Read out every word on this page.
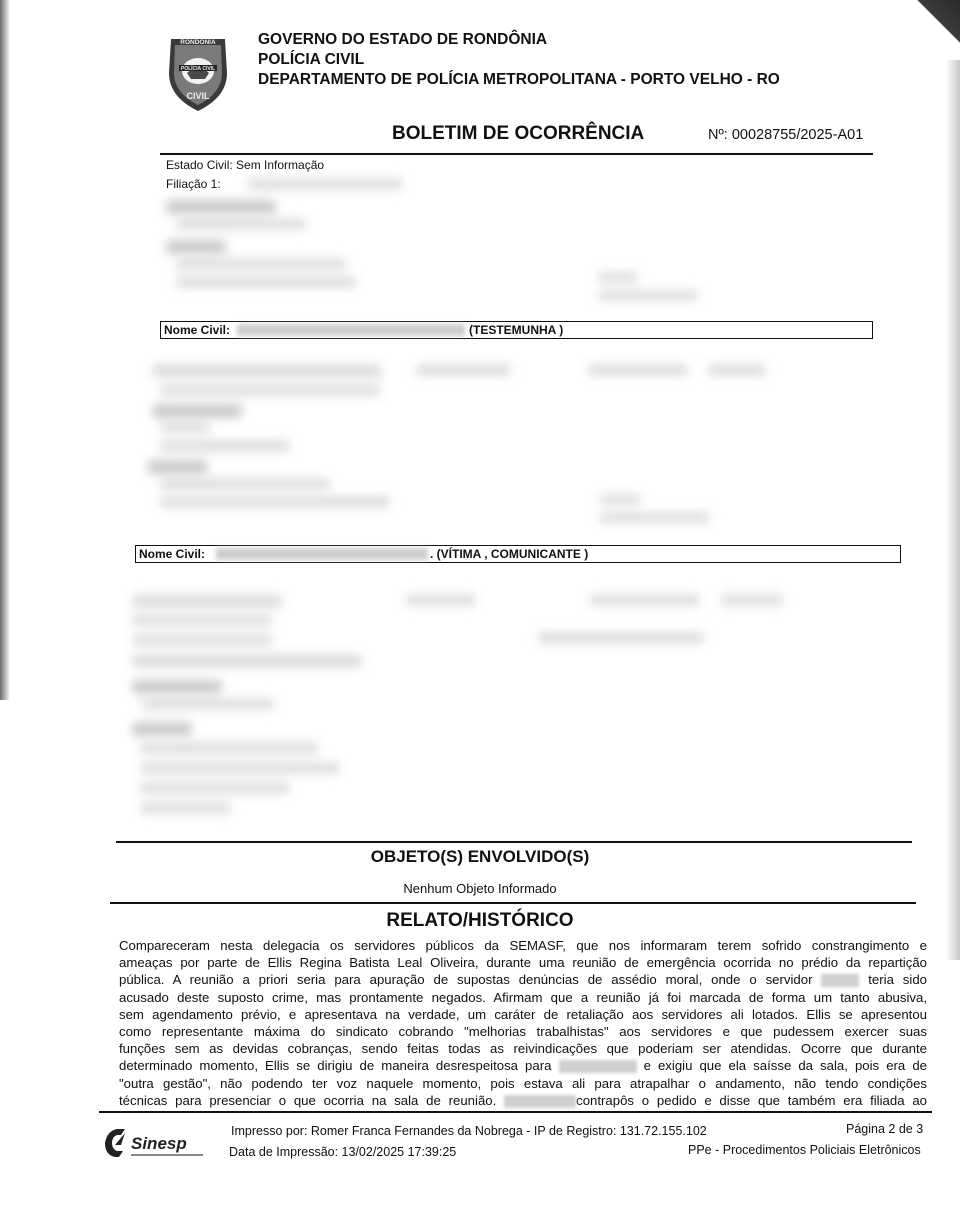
POLÍCIA CIVIL
RONDÔNIA
CIVIL
GOVERNO DO ESTADO DE RONDÔNIA
POLÍCIA CIVIL
DEPARTAMENTO DE POLÍCIA METROPOLITANA - PORTO VELHO - RO
BOLETIM DE OCORRÊNCIA	Nº: 00028755/2025-A01
Estado Civil: Sem Informação
Filiação 1:
Nome Civil:	(TESTEMUNHA )
Nome Civil:	. (VÍTIMA , COMUNICANTE )
OBJETO(S) ENVOLVIDO(S)
Nenhum Objeto Informado
RELATO/HISTÓRICO
Compareceram nesta delegacia os servidores públicos da SEMASF, que nos informaram terem sofrido constrangimento e
ameaças por parte de Ellis Regina Batista Leal Oliveira, durante uma reunião de emergência ocorrida no prédio da repartição
pública. A reunião a priori seria para apuração de supostas denúncias de assédio moral, onde o servidor	teria sido
acusado deste suposto crime, mas prontamente negados. Afirmam que a reunião já foi marcada de forma um tanto abusiva,
sem agendamento prévio, e apresentava na verdade, um caráter de retaliação aos servidores ali lotados. Ellis se apresentou
como representante máxima do sindicato cobrando "melhorias trabalhistas" aos servidores e que pudessem exercer suas
funções sem as devidas cobranças, sendo feitas todas as reivindicações que poderiam ser atendidas. Ocorre que durante
determinado momento, Ellis se dirigiu de maneira desrespeitosa para	e exigiu que ela saísse da sala, pois era de
"outra gestão", não podendo ter voz naquele momento, pois estava ali para atrapalhar o andamento, não tendo condições
técnicas para presenciar o que ocorria na sala de reunião.	contrapôs o pedido e disse que também era filiada ao
Sinesp
Impresso por: Romer Franca Fernandes da Nobrega - IP de Registro: 131.72.155.102
Data de Impressão: 13/02/2025 17:39:25
Página 2 de 3
PPe - Procedimentos Policiais Eletrônicos
